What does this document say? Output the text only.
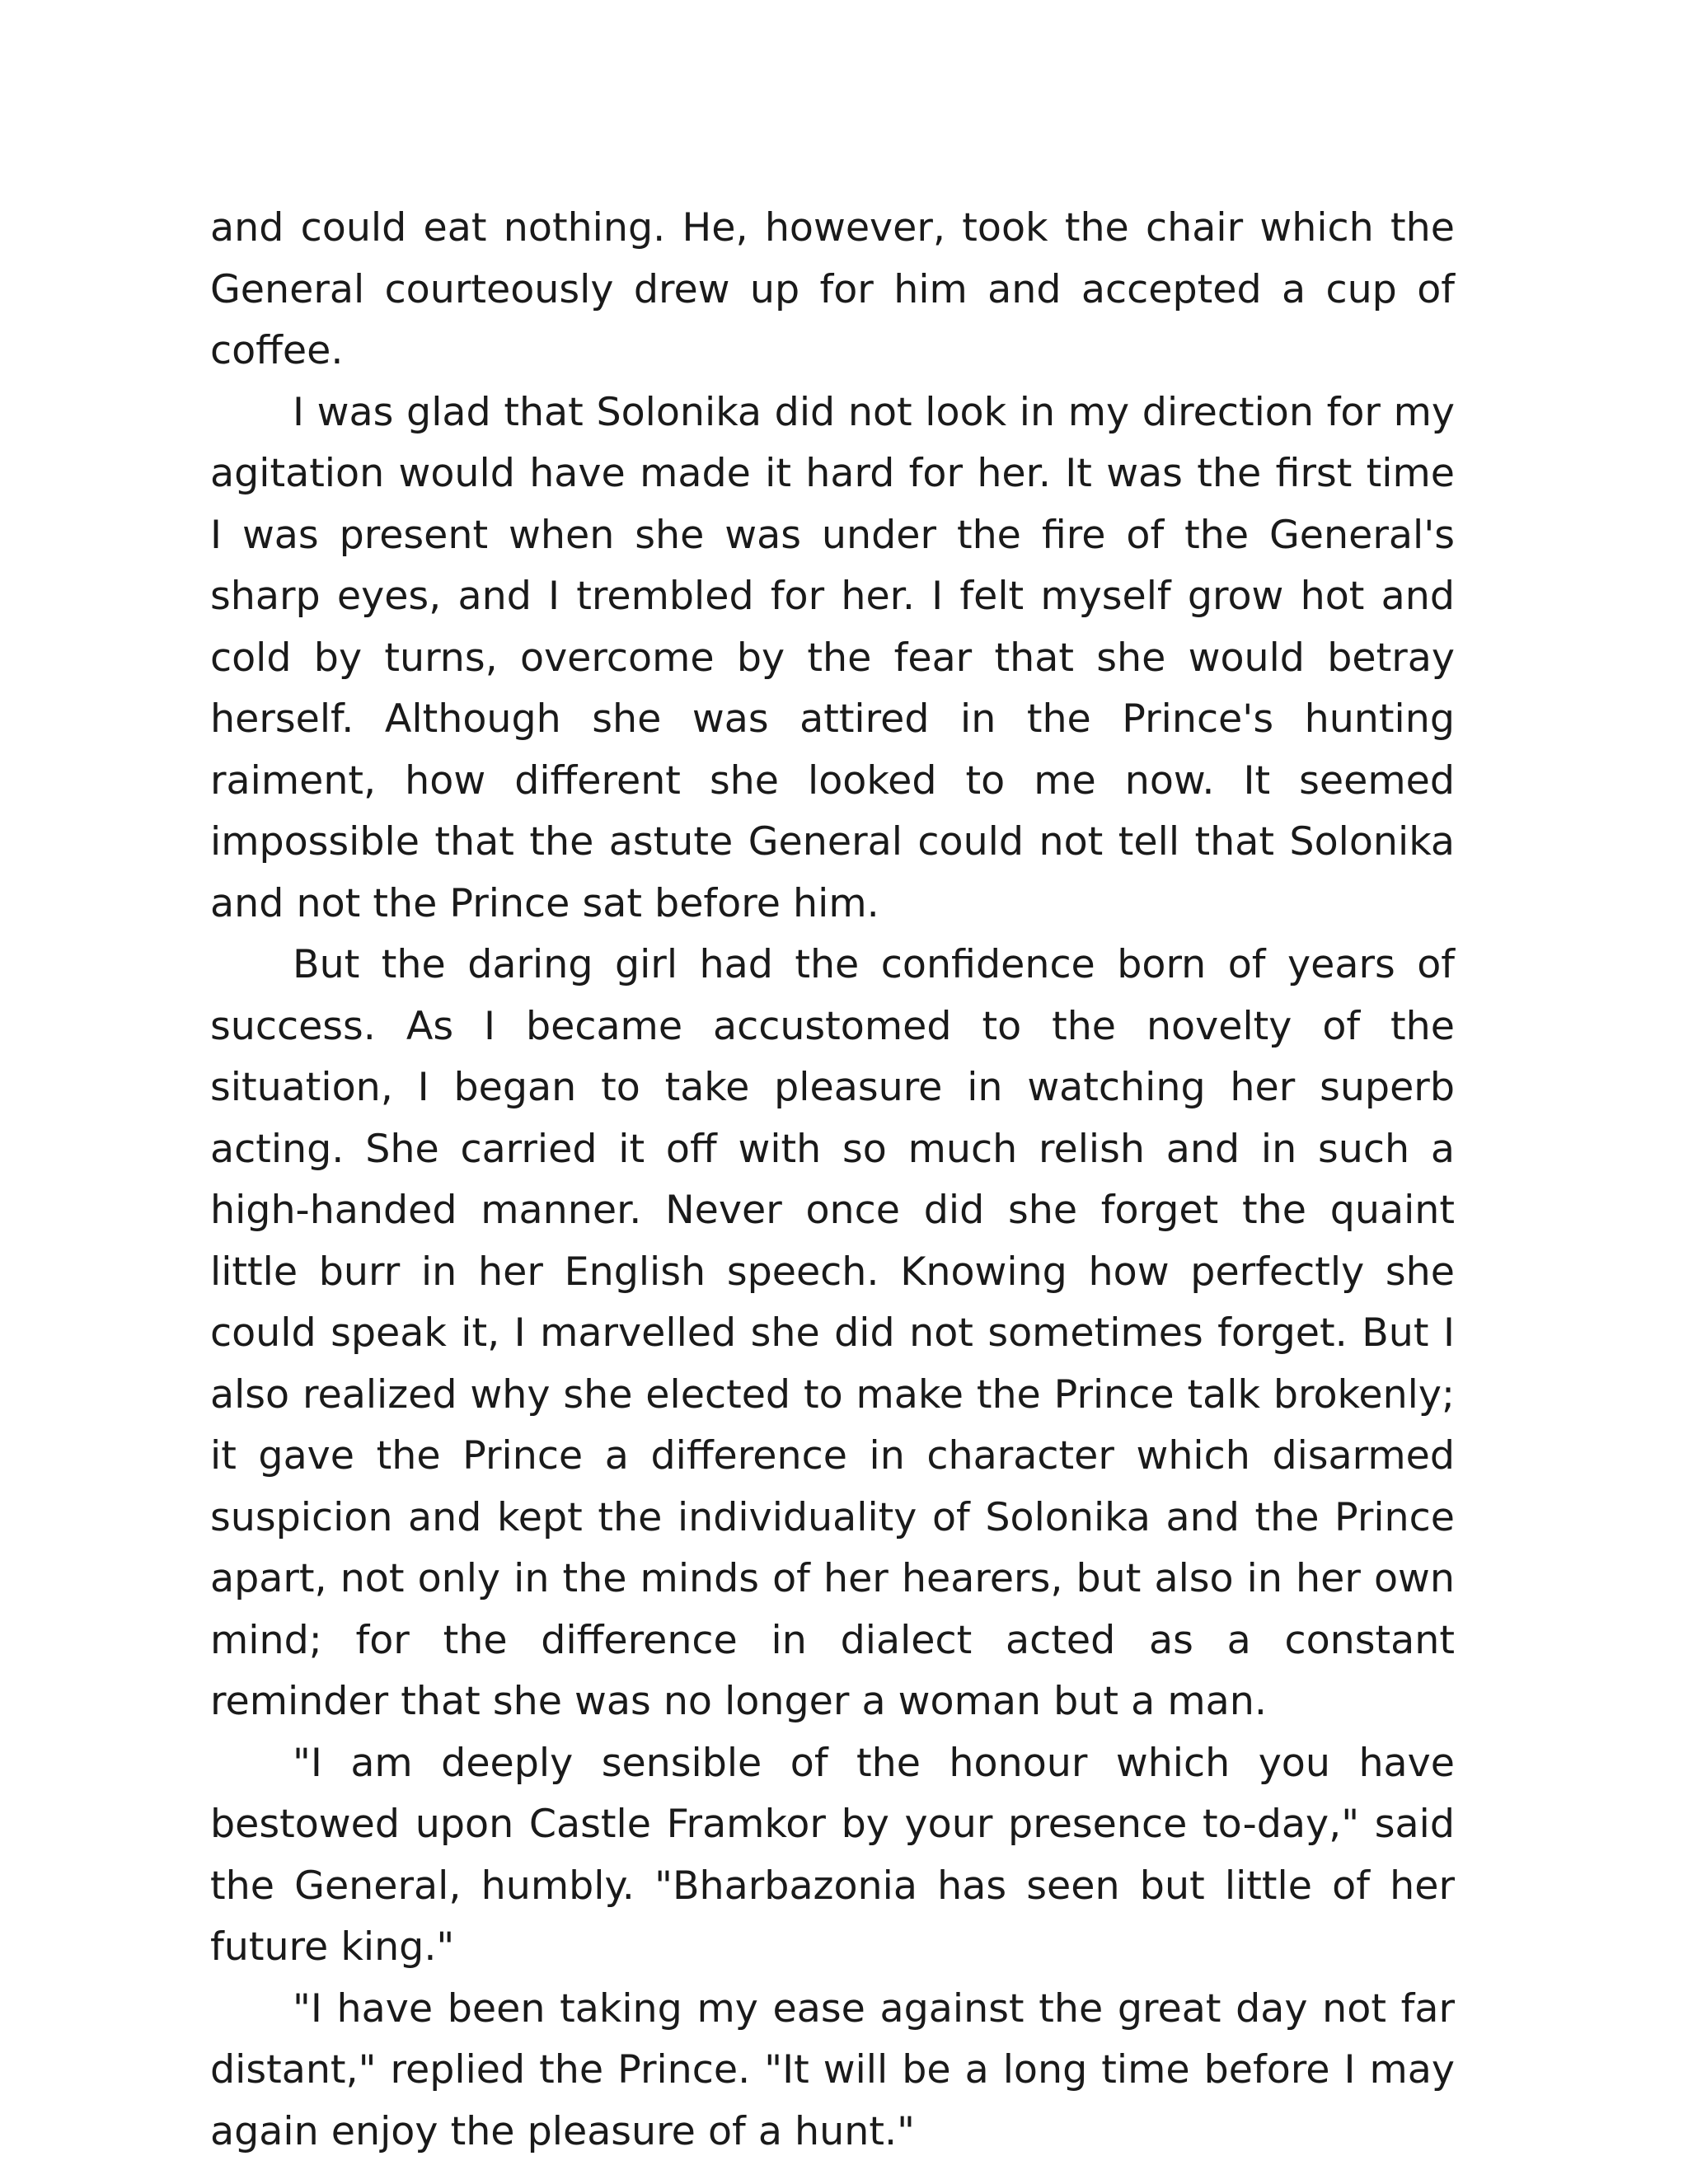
and could eat nothing. He, however, took the chair which the General courteously drew up for him and accepted a cup of coffee.

I was glad that Solonika did not look in my direction for my agitation would have made it hard for her. It was the first time I was present when she was under the fire of the General's sharp eyes, and I trembled for her. I felt myself grow hot and cold by turns, overcome by the fear that she would betray herself. Although she was attired in the Prince's hunting raiment, how different she looked to me now. It seemed impossible that the astute General could not tell that Solonika and not the Prince sat before him.

But the daring girl had the confidence born of years of success. As I became accustomed to the novelty of the situation, I began to take pleasure in watching her superb acting. She carried it off with so much relish and in such a high-handed manner. Never once did she forget the quaint little burr in her English speech. Knowing how perfectly she could speak it, I marvelled she did not sometimes forget. But I also realized why she elected to make the Prince talk brokenly; it gave the Prince a difference in character which disarmed suspicion and kept the individuality of Solonika and the Prince apart, not only in the minds of her hearers, but also in her own mind; for the difference in dialect acted as a constant reminder that she was no longer a woman but a man.

"I am deeply sensible of the honour which you have bestowed upon Castle Framkor by your presence to-day," said the General, humbly. "Bharbazonia has seen but little of her future king."

"I have been taking my ease against the great day not far distant," replied the Prince. "It will be a long time before I may again enjoy the pleasure of a hunt."
